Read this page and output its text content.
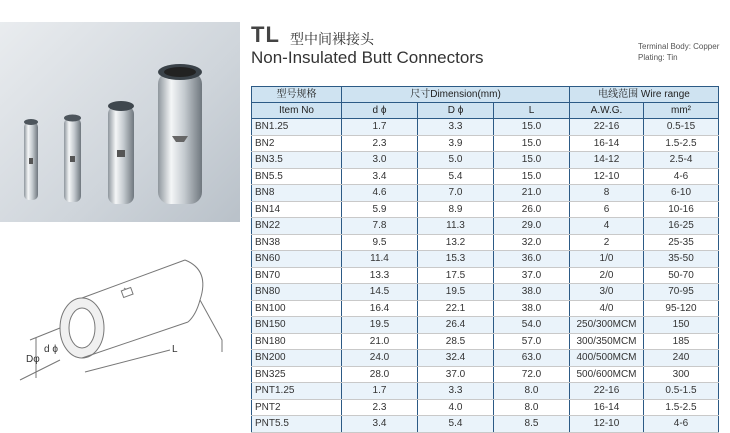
d ϕ
Dφ
L
TL 型中间裸接头
Non-Insulated Butt Connectors
Terminal Body: Copper
Plating: Tin
型号规格	尺寸Dimension(mm)			电线范围 Wire range	
Item No	d ϕ	D ϕ	L	A.W.G.	mm²
BN1.25	1.7	3.3	15.0	22-16	0.5-15
BN2	2.3	3.9	15.0	16-14	1.5-2.5
BN3.5	3.0	5.0	15.0	14-12	2.5-4
BN5.5	3.4	5.4	15.0	12-10	4-6
BN8	4.6	7.0	21.0	8	6-10
BN14	5.9	8.9	26.0	6	10-16
BN22	7.8	11.3	29.0	4	16-25
BN38	9.5	13.2	32.0	2	25-35
BN60	11.4	15.3	36.0	1/0	35-50
BN70	13.3	17.5	37.0	2/0	50-70
BN80	14.5	19.5	38.0	3/0	70-95
BN100	16.4	22.1	38.0	4/0	95-120
BN150	19.5	26.4	54.0	250/300MCM	150
BN180	21.0	28.5	57.0	300/350MCM	185
BN200	24.0	32.4	63.0	400/500MCM	240
BN325	28.0	37.0	72.0	500/600MCM	300
PNT1.25	1.7	3.3	8.0	22-16	0.5-1.5
PNT2	2.3	4.0	8.0	16-14	1.5-2.5
PNT5.5	3.4	5.4	8.5	12-10	4-6
